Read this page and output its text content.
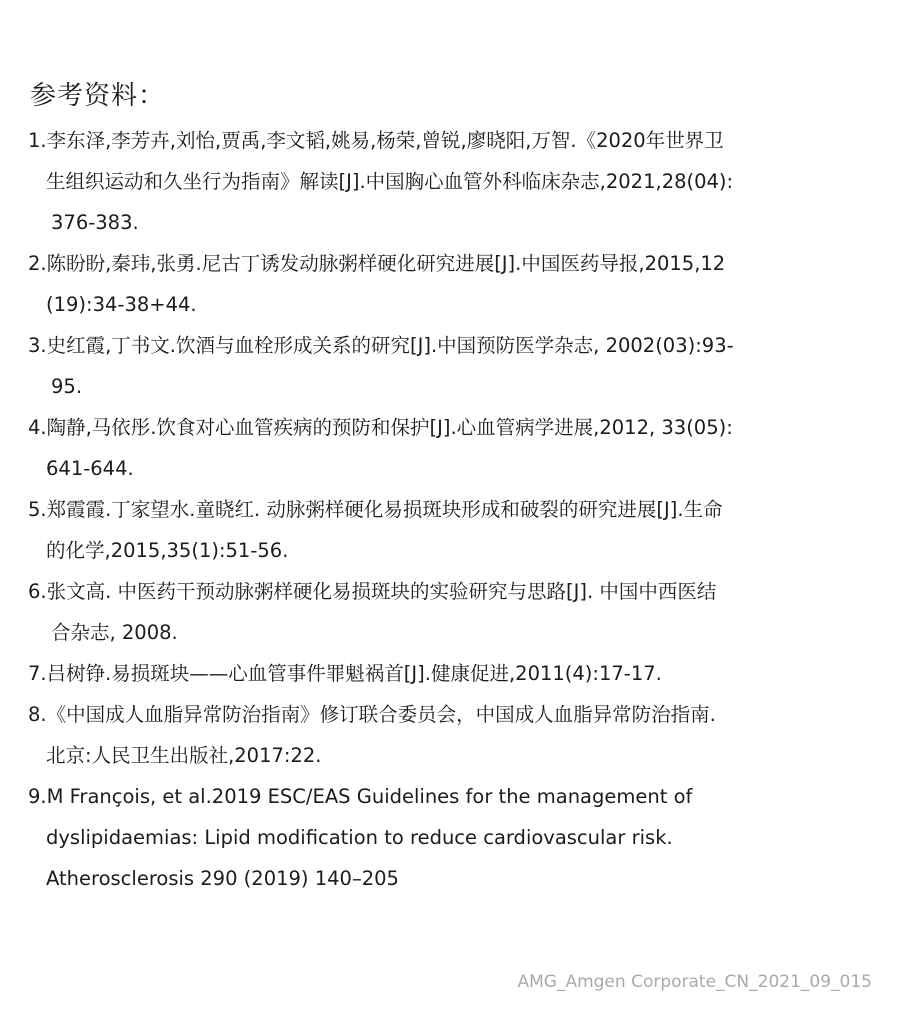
参考资料：
1.李东泽,李芳卉,刘怡,贾禹,李文韬,姚易,杨荣,曾锐,廖晓阳,万智.《2020年世界卫
生组织运动和久坐行为指南》解读[J].中国胸心血管外科临床杂志,2021,28(04):
376-383.
2.陈盼盼,秦玮,张勇.尼古丁诱发动脉粥样硬化研究进展[J].中国医药导报,2015,12
(19):34-38+44.
3.史红霞,丁书文.饮酒与血栓形成关系的研究[J].中国预防医学杂志, 2002(03):93-
95.
4.陶静,马依彤.饮食对心血管疾病的预防和保护[J].心血管病学进展,2012, 33(05):
641-644.
5.郑霞霞.丁家望水.童晓红. 动脉粥样硬化易损斑块形成和破裂的研究进展[J].生命
的化学,2015,35(1):51-56.
6.张文高. 中医药干预动脉粥样硬化易损斑块的实验研究与思路[J]. 中国中西医结
合杂志, 2008.
7.吕树铮.易损斑块——心血管事件罪魁祸首[J].健康促进,2011(4):17-17.
8.《中国成人血脂异常防治指南》修订联合委员会，中国成人血脂异常防治指南.
北京:人民卫生出版社,2017:22.
9.M François, et al.2019 ESC/EAS Guidelines for the management of
dyslipidaemias: Lipid modification to reduce cardiovascular risk.
Atherosclerosis 290 (2019) 140–205
AMG_Amgen Corporate_CN_2021_09_015
